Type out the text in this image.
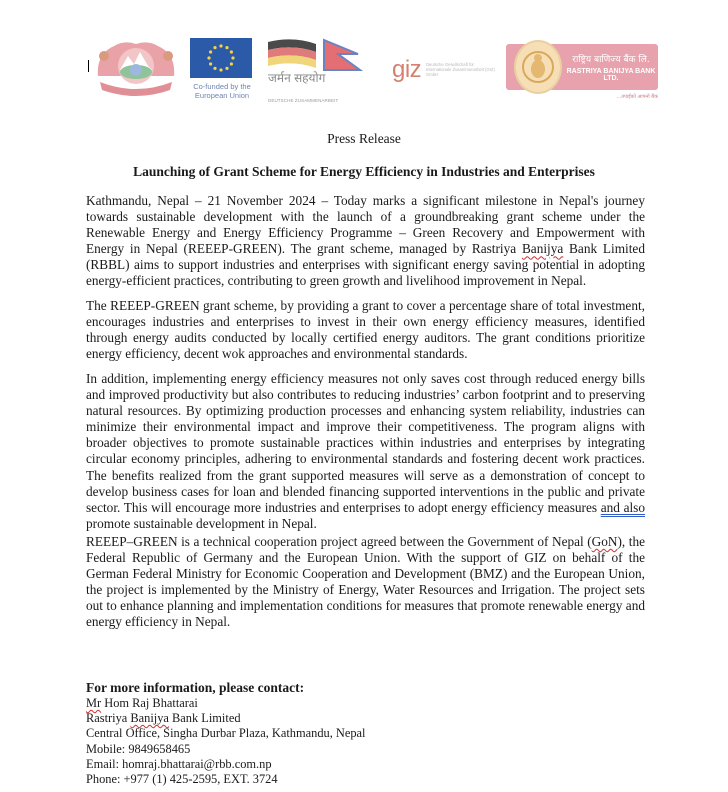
Co-funded by the European Union
जर्मन सहयोग
DEUTSCHE ZUSAMMENARBEIT
giz Deutsche Gesellschaft für Internationale Zusammenarbeit (GIZ) GmbH
राष्ट्रिय बाणिज्य बैंक लि.
RASTRIYA BANIJYA BANK LTD.
...तपाईंको आफ्नो बैंक
Press Release
Launching of Grant Scheme for Energy Efficiency in Industries and Enterprises

Kathmandu, Nepal – 21 November 2024 – Today marks a significant milestone in Nepal's journey towards sustainable development with the launch of a groundbreaking grant scheme under the Renewable Energy and Energy Efficiency Programme – Green Recovery and Empowerment with Energy in Nepal (REEEP-GREEN). The grant scheme, managed by Rastriya Banijya Bank Limited (RBBL) aims to support industries and enterprises with significant energy saving potential in adopting energy-efficient practices, contributing to green growth and livelihood improvement in Nepal.

The REEEP-GREEN grant scheme, by providing a grant to cover a percentage share of total investment, encourages industries and enterprises to invest in their own energy efficiency measures, identified through energy audits conducted by locally certified energy auditors. The grant conditions prioritize energy efficiency, decent wok approaches and environmental standards.

In addition, implementing energy efficiency measures not only saves cost through reduced energy bills and improved productivity but also contributes to reducing industries’ carbon footprint and to preserving natural resources. By optimizing production processes and enhancing system reliability, industries can minimize their environmental impact and improve their competitiveness. The program aligns with broader objectives to promote sustainable practices within industries and enterprises by integrating circular economy principles, adhering to environmental standards and fostering decent work practices. The benefits realized from the grant supported measures will serve as a demonstration of concept to develop business cases for loan and blended financing supported interventions in the public and private sector. This will encourage more industries and enterprises to adopt energy efficiency measures and also promote sustainable development in Nepal.

REEEP–GREEN is a technical cooperation project agreed between the Government of Nepal (GoN), the Federal Republic of Germany and the European Union. With the support of GIZ on behalf of the German Federal Ministry for Economic Cooperation and Development (BMZ) and the European Union, the project is implemented by the Ministry of Energy, Water Resources and Irrigation. The project sets out to enhance planning and implementation conditions for measures that promote renewable energy and energy efficiency in Nepal.

For more information, please contact:
Mr Hom Raj Bhattarai
Rastriya Banijya Bank Limited
Central Office, Singha Durbar Plaza, Kathmandu, Nepal
Mobile: 9849658465
Email: homraj.bhattarai@rbb.com.np
Phone: +977 (1) 425-2595, EXT. 3724
